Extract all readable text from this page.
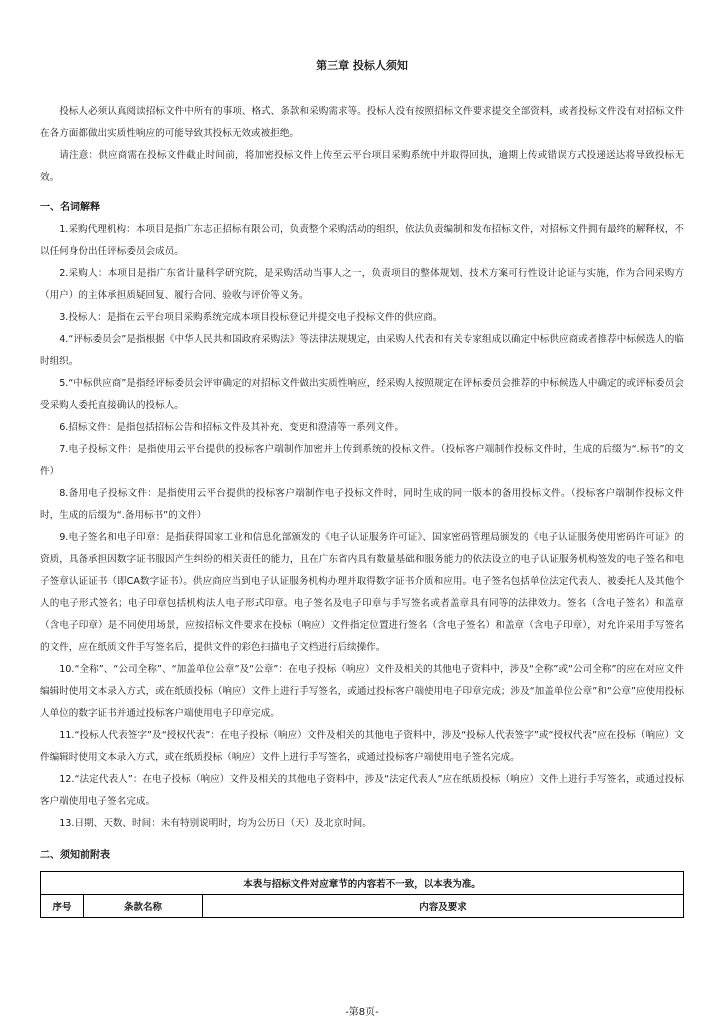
第三章 投标人须知
投标人必须认真阅读招标文件中所有的事项、格式、条款和采购需求等。投标人没有按照招标文件要求提交全部资料，或者投标文件没有对招标文件在各方面都做出实质性响应的可能导致其投标无效或被拒绝。
请注意：供应商需在投标文件截止时间前，将加密投标文件上传至云平台项目采购系统中并取得回执，逾期上传或错误方式投递送达将导致投标无效。
一、名词解释
1.采购代理机构：本项目是指广东志正招标有限公司，负责整个采购活动的组织，依法负责编制和发布招标文件，对招标文件拥有最终的解释权，不以任何身份出任评标委员会成员。
2.采购人：本项目是指广东省计量科学研究院，是采购活动当事人之一，负责项目的整体规划、技术方案可行性设计论证与实施，作为合同采购方（用户）的主体承担质疑回复、履行合同、验收与评价等义务。
3.投标人：是指在云平台项目采购系统完成本项目投标登记并提交电子投标文件的供应商。
4.“评标委员会”是指根据《中华人民共和国政府采购法》等法律法规规定，由采购人代表和有关专家组成以确定中标供应商或者推荐中标候选人的临时组织。
5.“中标供应商”是指经评标委员会评审确定的对招标文件做出实质性响应，经采购人按照规定在评标委员会推荐的中标候选人中确定的或评标委员会受采购人委托直接确认的投标人。
6.招标文件：是指包括招标公告和招标文件及其补充、变更和澄清等一系列文件。
7.电子投标文件：是指使用云平台提供的投标客户端制作加密并上传到系统的投标文件。（投标客户端制作投标文件时，生成的后缀为“.标书”的文件）
8.备用电子投标文件：是指使用云平台提供的投标客户端制作电子投标文件时，同时生成的同一版本的备用投标文件。（投标客户端制作投标文件时，生成的后缀为“.备用标书”的文件）
9.电子签名和电子印章：是指获得国家工业和信息化部颁发的《电子认证服务许可证》、国家密码管理局颁发的《电子认证服务使用密码许可证》的资质，具备承担因数字证书服因产生纠纷的相关责任的能力，且在广东省内具有数量基础和服务能力的依法设立的电子认证服务机构签发的电子签名和电子签章认证证书（即CA数字证书）。供应商应当到电子认证服务机构办理并取得数字证书介质和应用。电子签名包括单位法定代表人、被委托人及其他个人的电子形式签名；电子印章包括机构法人电子形式印章。电子签名及电子印章与手写签名或者盖章具有同等的法律效力。签名（含电子签名）和盖章（含电子印章）是不同使用场景，应按招标文件要求在投标（响应）文件指定位置进行签名（含电子签名）和盖章（含电子印章），对允许采用手写签名的文件，应在纸质文件手写签名后，提供文件的彩色扫描电子文档进行后续操作。
10.“全称”、“公司全称”、“加盖单位公章”及“公章”：在电子投标（响应）文件及相关的其他电子资料中，涉及“全称”或“公司全称”的应在对应文件编辑时使用文本录入方式，或在纸质投标（响应）文件上进行手写签名，或通过投标客户端使用电子印章完成；涉及“加盖单位公章”和“公章”应使用投标人单位的数字证书并通过投标客户端使用电子印章完成。
11.“投标人代表签字”及“授权代表”：在电子投标（响应）文件及相关的其他电子资料中，涉及“投标人代表签字”或“授权代表”应在投标（响应）文件编辑时使用文本录入方式，或在纸质投标（响应）文件上进行手写签名，或通过投标客户端使用电子签名完成。
12.“法定代表人”：在电子投标（响应）文件及相关的其他电子资料中，涉及“法定代表人”应在纸质投标（响应）文件上进行手写签名，或通过投标客户端使用电子签名完成。
13.日期、天数、时间：未有特别说明时，均为公历日（天）及北京时间。
二、须知前附表
本表与招标文件对应章节的内容若不一致，以本表为准。
序号	条款名称	内容及要求
-第8页-
